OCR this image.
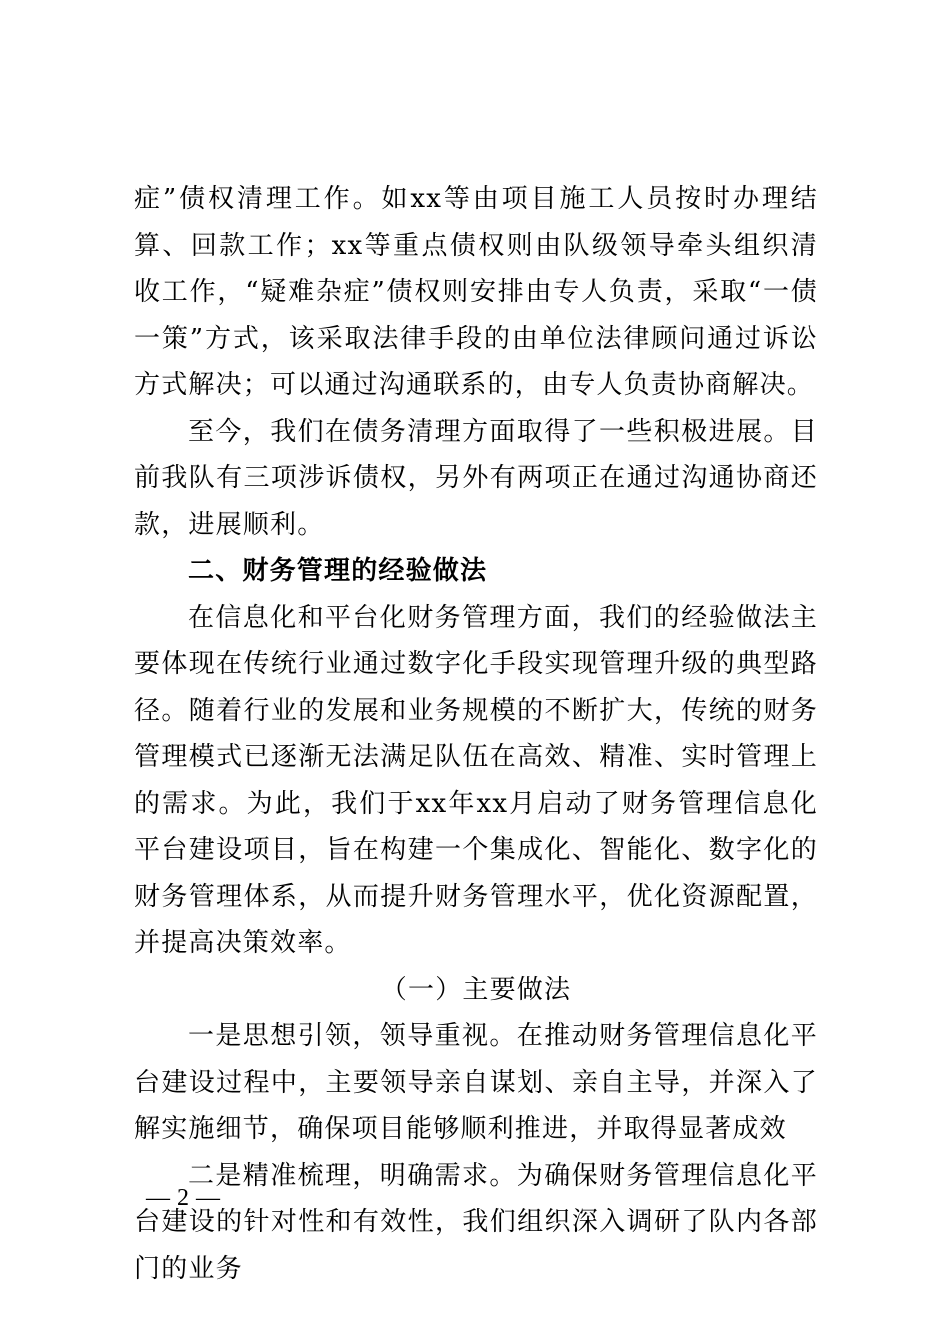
症”债权清理工作。如xx等由项目施工人员按时办理结算、回款工作；xx等重点债权则由队级领导牵头组织清收工作，“疑难杂症”债权则安排由专人负责，采取“一债一策”方式，该采取法律手段的由单位法律顾问通过诉讼方式解决；可以通过沟通联系的，由专人负责协商解决。

至今，我们在债务清理方面取得了一些积极进展。目前我队有三项涉诉债权，另外有两项正在通过沟通协商还款，进展顺利。

二、财务管理的经验做法

在信息化和平台化财务管理方面，我们的经验做法主要体现在传统行业通过数字化手段实现管理升级的典型路径。随着行业的发展和业务规模的不断扩大，传统的财务管理模式已逐渐无法满足队伍在高效、精准、实时管理上的需求。为此，我们于xx年xx月启动了财务管理信息化平台建设项目，旨在构建一个集成化、智能化、数字化的财务管理体系，从而提升财务管理水平，优化资源配置，并提高决策效率。

（一）主要做法

一是思想引领，领导重视。在推动财务管理信息化平台建设过程中，主要领导亲自谋划、亲自主导，并深入了解实施细节，确保项目能够顺利推进，并取得显著成效

二是精准梳理，明确需求。为确保财务管理信息化平台建设的针对性和有效性，我们组织深入调研了队内各部门的业务

— 2 —
